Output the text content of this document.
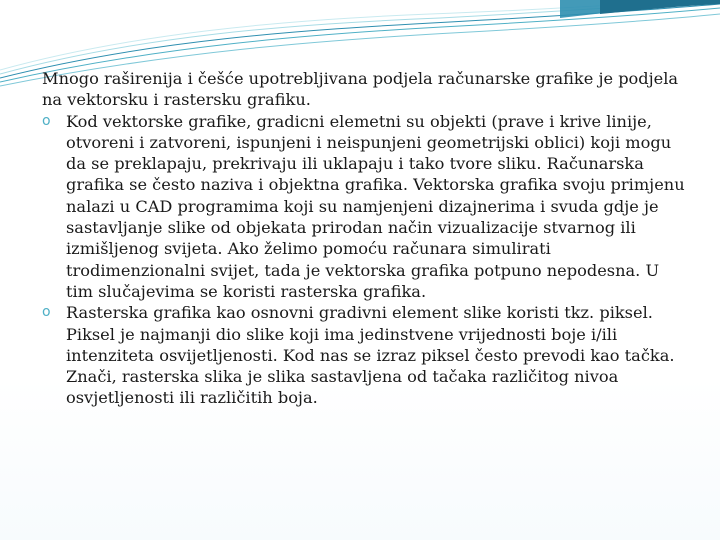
Mnogo raširenija i češće upotrebljivana podjela računarske grafike je podjela na vektorsku i rastersku grafiku.

o Kod vektorske grafike, gradicni elemetni su objekti (prave i krive linije, otvoreni i zatvoreni, ispunjeni i neispunjeni geometrijski oblici) koji mogu da se preklapaju, prekrivaju ili uklapaju i tako tvore sliku. Računarska grafika se često naziva i objektna grafika. Vektorska grafika svoju primjenu nalazi u CAD programima koji su namjenjeni dizajnerima i svuda gdje je sastavljanje slike od objekata prirodan način vizualizacije stvarnog ili izmišljenog svijeta. Ako želimo pomoću računara simulirati trodimenzionalni svijet, tada je vektorska grafika potpuno nepodesna. U tim slučajevima se koristi rasterska grafika.
o Rasterska grafika kao osnovni gradivni element slike koristi tkz. piksel. Piksel je najmanji dio slike koji ima jedinstvene vrijednosti boje i/ili intenziteta osvijetljenosti. Kod nas se izraz piksel često prevodi kao tačka. Znači, rasterska slika je slika sastavljena od tačaka različitog nivoa osvjetljenosti ili različitih boja.
